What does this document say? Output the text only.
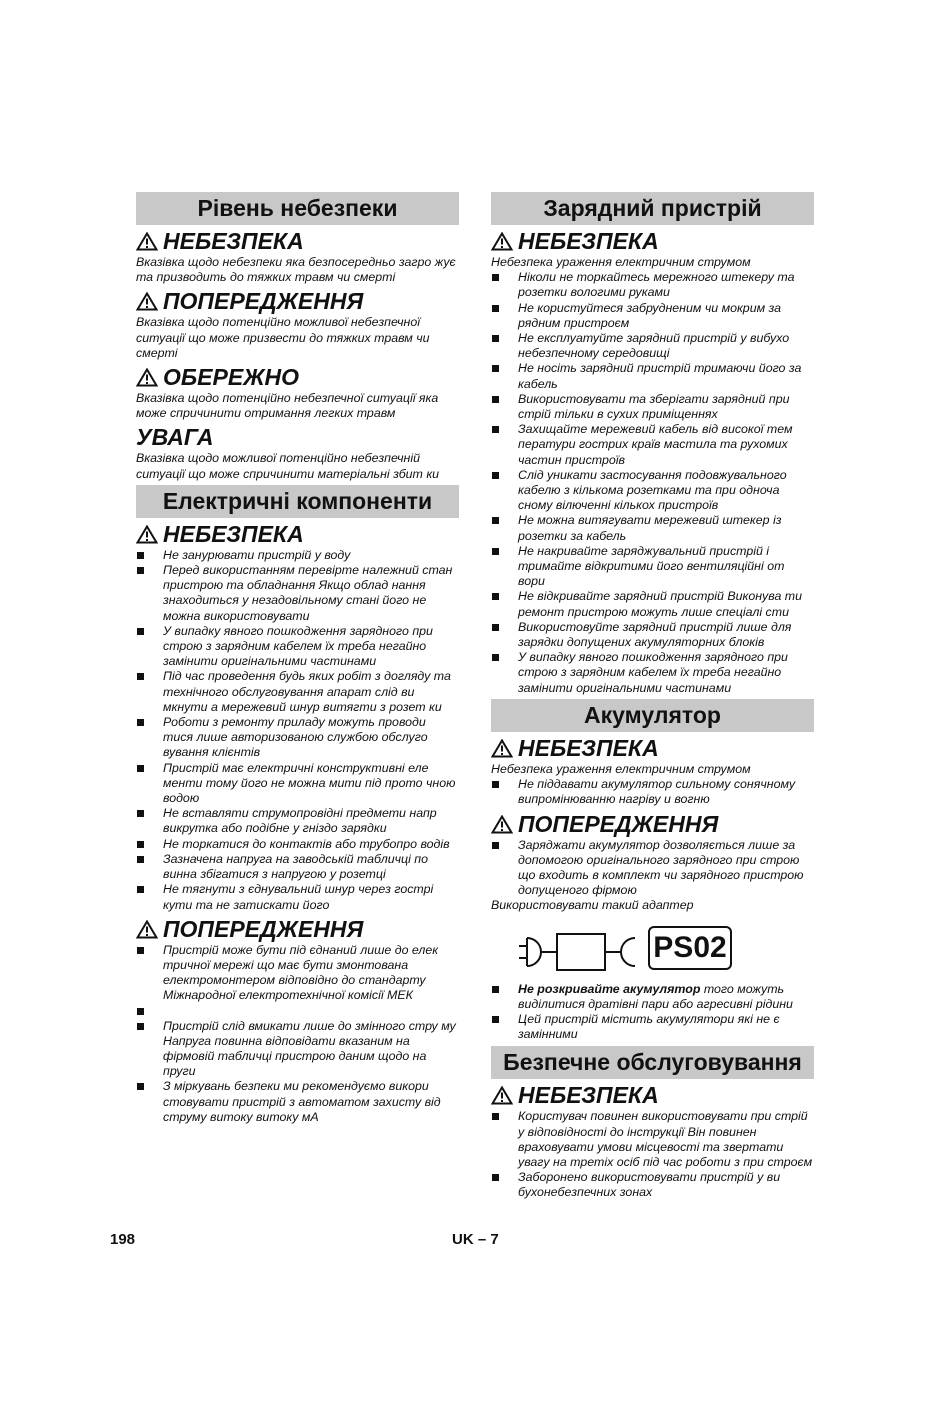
Рівень небезпеки
НЕБЕЗПЕКА

Вказівка щодо небезпеки яка безпосередньо загро жує та призводить до тяжких травм чи смерті

ПОПЕРЕДЖЕННЯ

Вказівка щодо потенційно можливої небезпечної ситуації що може призвести до тяжких травм чи смерті

ОБЕРЕЖНО

Вказівка щодо потенційно небезпечної ситуації яка може спричинити отримання легких травм

УВАГА

Вказівка щодо можливої потенційно небезпечній ситуації що може спричинити матеріальні збит ки

Електричні компоненти
НЕБЕЗПЕКА
Не занурювати пристрій у воду
Перед використанням перевірте належний стан пристрою та обладнання Якщо облад нання знаходиться у незадовільному стані його не можна використовувати
У випадку явного пошкодження зарядного при строю з зарядним кабелем їх треба негайно замінити оригінальними частинами
Під час проведення будь яких робіт з догляду та технічного обслуговування апарат слід ви мкнути а мережевий шнур витягти з розет ки
Роботи з ремонту приладу можуть проводи тися лише авторизованою службою обслуго вування клієнтів
Пристрій має електричні конструктивні еле менти тому його не можна мити під прото чною водою
Не вставляти струмопровідні предмети напр викрутка або подібне у гніздо зарядки
Не торкатися до контактів або трубопро водів
Зазначена напруга на заводській табличці по винна збігатися з напругою у розетці
Не тягнути з єднувальний шнур через гострі кути та не затискати його
ПОПЕРЕДЖЕННЯ
Пристрій може бути під єднаний лише до елек тричної мережі що має бути змонтована електромонтером відповідно до стандарту Міжнародної електротехнічної комісії МЕК
Пристрій слід вмикати лише до змінного стру му Напруга повинна відповідати вказаним на фірмовій табличці пристрою даним щодо на пруги
З міркувань безпеки ми рекомендуємо викори стовувати пристрій з автоматом захисту від струму витоку витоку мА
Зарядний пристрій
НЕБЕЗПЕКА

Небезпека ураження електричним струмом

Ніколи не торкайтесь мережного штекеру та розетки вологими руками
Не користуйтеся забрудненим чи мокрим за рядним пристроєм
Не експлуатуйте зарядний пристрій у вибухо небезпечному середовищі
Не носіть зарядний пристрій тримаючи його за кабель
Використовувати та зберігати зарядний при стрій тільки в сухих приміщеннях
Захищайте мережевий кабель від високої тем ператури гострих країв мастила та рухомих частин пристроїв
Слід уникати застосування подовжувального кабелю з кількома розетками та при одноча сному вілюченні кількох пристроїв
Не можна витягувати мережевий штекер із розетки за кабель
Не накривайте заряджувальний пристрій і тримайте відкритими його вентиляційні от вори
Не відкривайте зарядний пристрій Виконува ти ремонт пристрою можуть лише спеціалі сти
Використовуйте зарядний пристрій лише для зарядки допущених акумуляторних блоків
У випадку явного пошкодження зарядного при строю з зарядним кабелем їх треба негайно замінити оригінальними частинами
Акумулятор
НЕБЕЗПЕКА

Небезпека ураження електричним струмом

Не піддавати акумулятор сильному сонячному випромінюванню нагріву и вогню
ПОПЕРЕДЖЕННЯ
Заряджати акумулятор дозволяється лише за допомогою оригінального зарядного при строю що входить в комплект чи зарядного пристрою допущеного фірмою

Використовувати такий адаптер

PS02
Не розкривайте акумулятор того можуть виділитися дратівні пари або агресивні рідини
Цей пристрій містить акумулятори які не є замінними
Безпечне обслуговування
НЕБЕЗПЕКА
Користувач повинен використовувати при стрій у відповідності до інструкції Він повинен враховувати умови місцевості та звертати увагу на третіх осіб під час роботи з при строєм
Заборонено використовувати пристрій у ви бухонебезпечних зонах
198	UK – 7
